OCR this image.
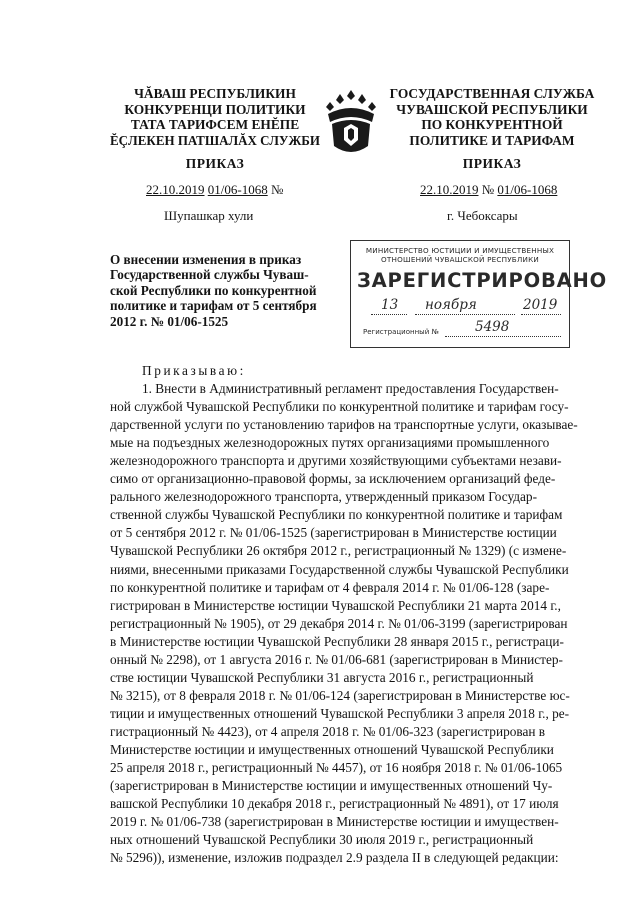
ЧĂВАШ РЕСПУБЛИКИН
КОНКУРЕНЦИ ПОЛИТИКИ
ТАТА ТАРИФСЕМ ЕНĔПЕ
ĔÇЛЕКЕН ПАТШАЛĂХ СЛУЖБИ
ГОСУДАРСТВЕННАЯ СЛУЖБА
ЧУВАШСКОЙ РЕСПУБЛИКИ
ПО КОНКУРЕНТНОЙ
ПОЛИТИКЕ И ТАРИФАМ
ПРИКАЗ	ПРИКАЗ
22.10.2019 01/06-1068 №	22.10.2019 № 01/06-1068
Шупашкар хули	г. Чебоксары
О внесении изменения в приказ
Государственной службы Чуваш-
ской Республики по конкурентной
политике и тарифам от 5 сентября
2012 г. № 01/06-1525
МИНИСТЕРСТВО ЮСТИЦИИ И ИМУЩЕСТВЕННЫХ
ОТНОШЕНИЙ ЧУВАШСКОЙ РЕСПУБЛИКИ
ЗАРЕГИСТРИРОВАНО
13 ноября	2019
Регистрационный №	5498
Приказываю:
1. Внести в Административный регламент предоставления Государствен-
ной службой Чувашской Республики по конкурентной политике и тарифам госу-
дарственной услуги по установлению тарифов на транспортные услуги, оказывае-
мые на подъездных железнодорожных путях организациями промышленного
железнодорожного транспорта и другими хозяйствующими субъектами незави-
симо от организационно-правовой формы, за исключением организаций феде-
рального железнодорожного транспорта, утвержденный приказом Государ-
ственной службы Чувашской Республики по конкурентной политике и тарифам
от 5 сентября 2012 г. № 01/06-1525 (зарегистрирован в Министерстве юстиции
Чувашской Республики 26 октября 2012 г., регистрационный № 1329) (с измене-
ниями, внесенными приказами Государственной службы Чувашской Республики
по конкурентной политике и тарифам от 4 февраля 2014 г. № 01/06-128 (заре-
гистрирован в Министерстве юстиции Чувашской Республики 21 марта 2014 г.,
регистрационный № 1905), от 29 декабря 2014 г. № 01/06-3199 (зарегистрирован
в Министерстве юстиции Чувашской Республики 28 января 2015 г., регистраци-
онный № 2298), от 1 августа 2016 г. № 01/06-681 (зарегистрирован в Министер-
стве юстиции Чувашской Республики 31 августа 2016 г., регистрационный
№ 3215), от 8 февраля 2018 г. № 01/06-124 (зарегистрирован в Министерстве юс-
тиции и имущественных отношений Чувашской Республики 3 апреля 2018 г., ре-
гистрационный № 4423), от 4 апреля 2018 г. № 01/06-323 (зарегистрирован в
Министерстве юстиции и имущественных отношений Чувашской Республики
25 апреля 2018 г., регистрационный № 4457), от 16 ноября 2018 г. № 01/06-1065
(зарегистрирован в Министерстве юстиции и имущественных отношений Чу-
вашской Республики 10 декабря 2018 г., регистрационный № 4891), от 17 июля
2019 г. № 01/06-738 (зарегистрирован в Министерстве юстиции и имуществен-
ных отношений Чувашской Республики 30 июля 2019 г., регистрационный
№ 5296)), изменение, изложив подраздел 2.9 раздела II в следующей редакции:
